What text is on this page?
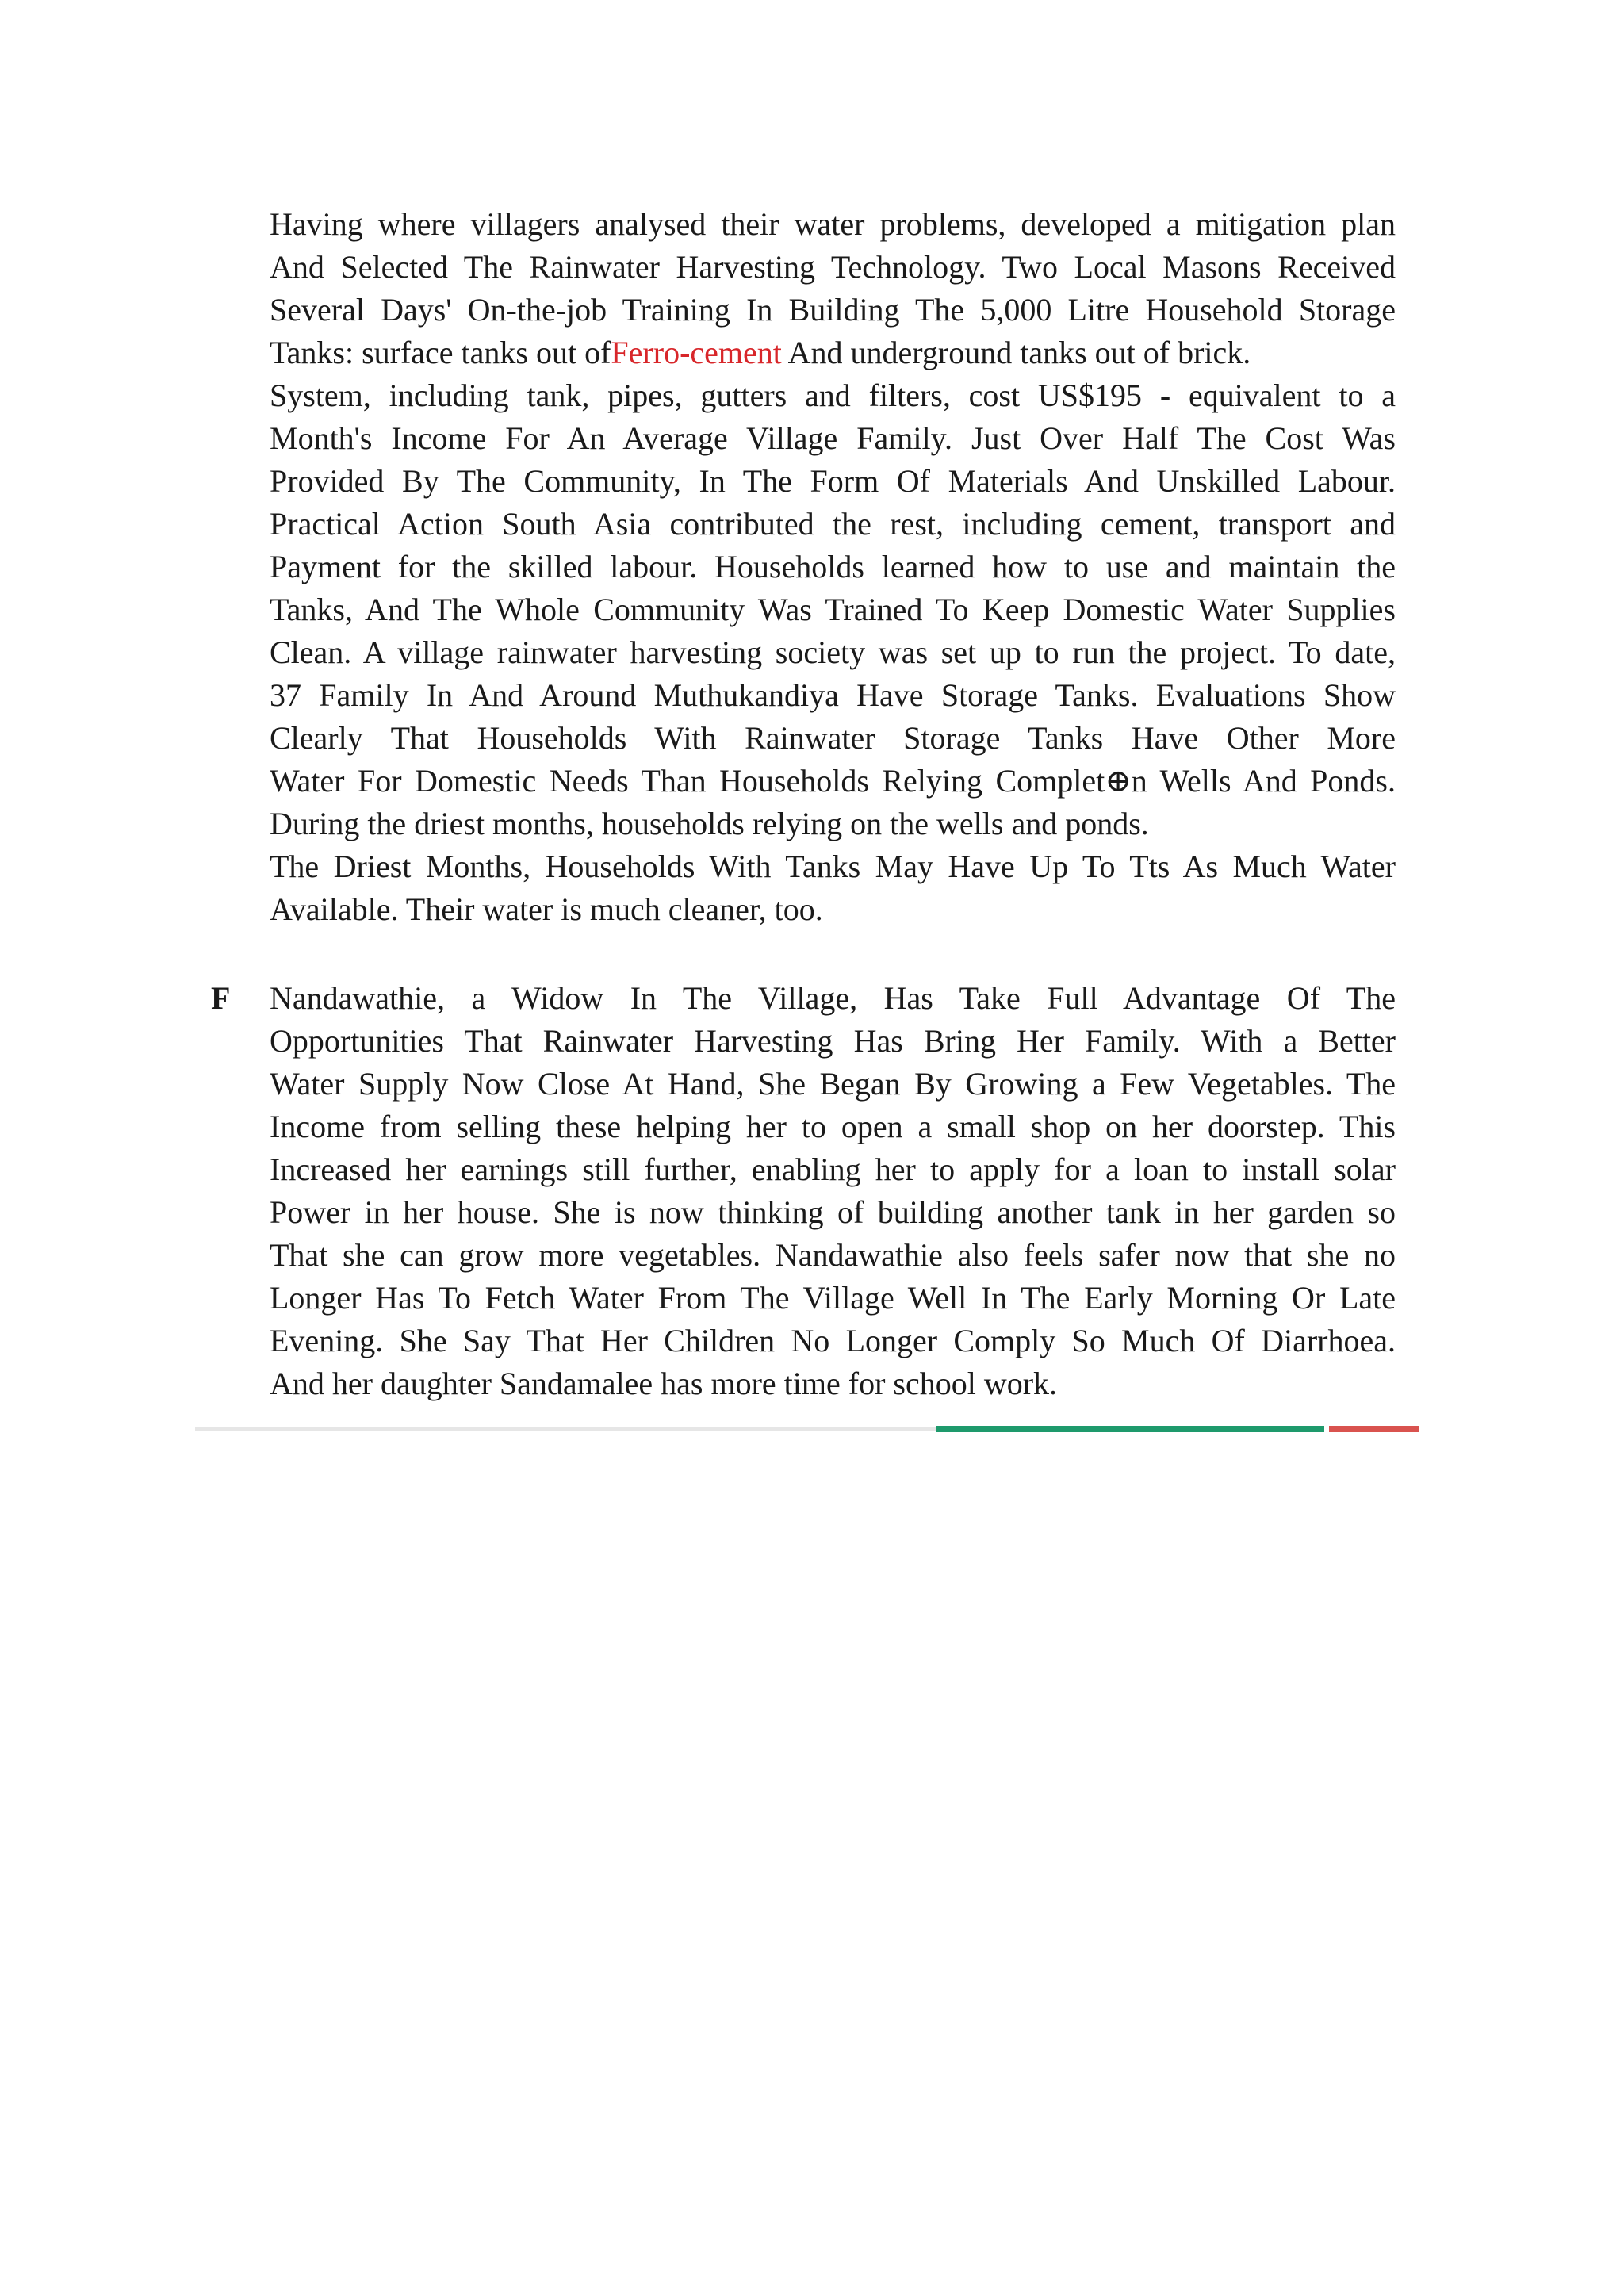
Having where villagers analysed their water problems, developed a mitigation plan
And Selected The Rainwater Harvesting Technology. Two Local Masons Received
Several Days' On-the-job Training In Building The 5,000 Litre Household Storage
Tanks: surface tanks out ofFerro-cement And underground tanks out of brick.
System, including tank, pipes, gutters and filters, cost US$195 - equivalent to a
Month's Income For An Average Village Family. Just Over Half The Cost Was
Provided By The Community, In The Form Of Materials And Unskilled Labour.
Practical Action South Asia contributed the rest, including cement, transport and
Payment for the skilled labour. Households learned how to use and maintain the
Tanks, And The Whole Community Was Trained To Keep Domestic Water Supplies
Clean. A village rainwater harvesting society was set up to run the project. To date,
37 Family In And Around Muthukandiya Have Storage Tanks. Evaluations Show
Clearly That Households With Rainwater Storage Tanks Have Other More
Water For Domestic Needs Than Households Relying Complet⊕n Wells And Ponds.
During the driest months, households relying on the wells and ponds.
The Driest Months, Households With Tanks May Have Up To Tts As Much Water
Available. Their water is much cleaner, too.
F Nandawathie, a Widow In The Village, Has Take Full Advantage Of The
Opportunities That Rainwater Harvesting Has Bring Her Family. With a Better
Water Supply Now Close At Hand, She Began By Growing a Few Vegetables. The
Income from selling these helping her to open a small shop on her doorstep. This
Increased her earnings still further, enabling her to apply for a loan to install solar
Power in her house. She is now thinking of building another tank in her garden so
That she can grow more vegetables. Nandawathie also feels safer now that she no
Longer Has To Fetch Water From The Village Well In The Early Morning Or Late
Evening. She Say That Her Children No Longer Comply So Much Of Diarrhoea.
And her daughter Sandamalee has more time for school work.
